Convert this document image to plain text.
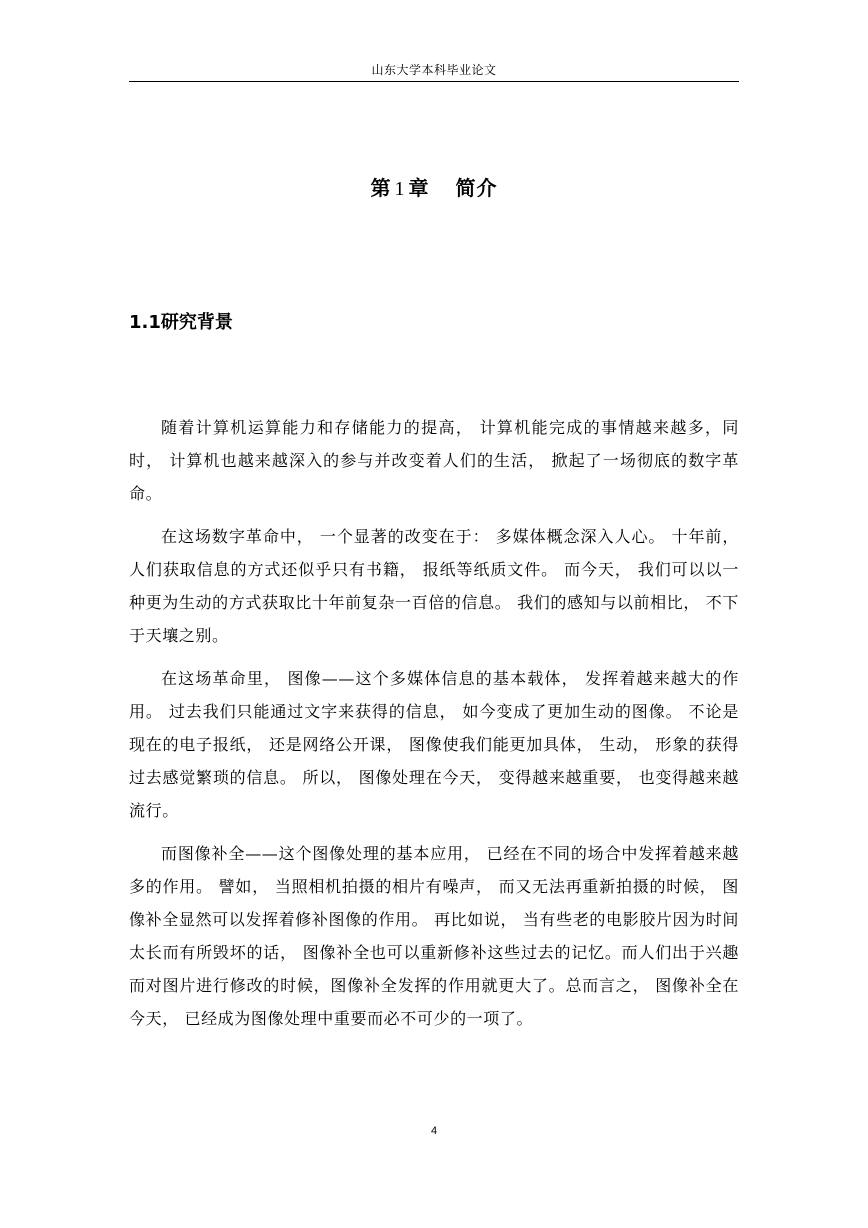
山东大学本科毕业论文
第 1 章 简介
1.1研究背景

随着计算机运算能力和存储能力的提高， 计算机能完成的事情越来越多，同时， 计算机也越来越深入的参与并改变着人们的生活， 掀起了一场彻底的数字革命。

在这场数字革命中， 一个显著的改变在于： 多媒体概念深入人心。 十年前， 人们获取信息的方式还似乎只有书籍， 报纸等纸质文件。 而今天， 我们可以以一种更为生动的方式获取比十年前复杂一百倍的信息。 我们的感知与以前相比， 不下于天壤之别。

在这场革命里， 图像——这个多媒体信息的基本载体， 发挥着越来越大的作用。 过去我们只能通过文字来获得的信息， 如今变成了更加生动的图像。 不论是现在的电子报纸， 还是网络公开课， 图像使我们能更加具体， 生动， 形象的获得过去感觉繁琐的信息。 所以， 图像处理在今天， 变得越来越重要， 也变得越来越流行。

而图像补全——这个图像处理的基本应用， 已经在不同的场合中发挥着越来越多的作用。 譬如， 当照相机拍摄的相片有噪声， 而又无法再重新拍摄的时候， 图像补全显然可以发挥着修补图像的作用。 再比如说， 当有些老的电影胶片因为时间太长而有所毁坏的话， 图像补全也可以重新修补这些过去的记忆。而人们出于兴趣而对图片进行修改的时候，图像补全发挥的作用就更大了。总而言之， 图像补全在今天， 已经成为图像处理中重要而必不可少的一项了。

4
